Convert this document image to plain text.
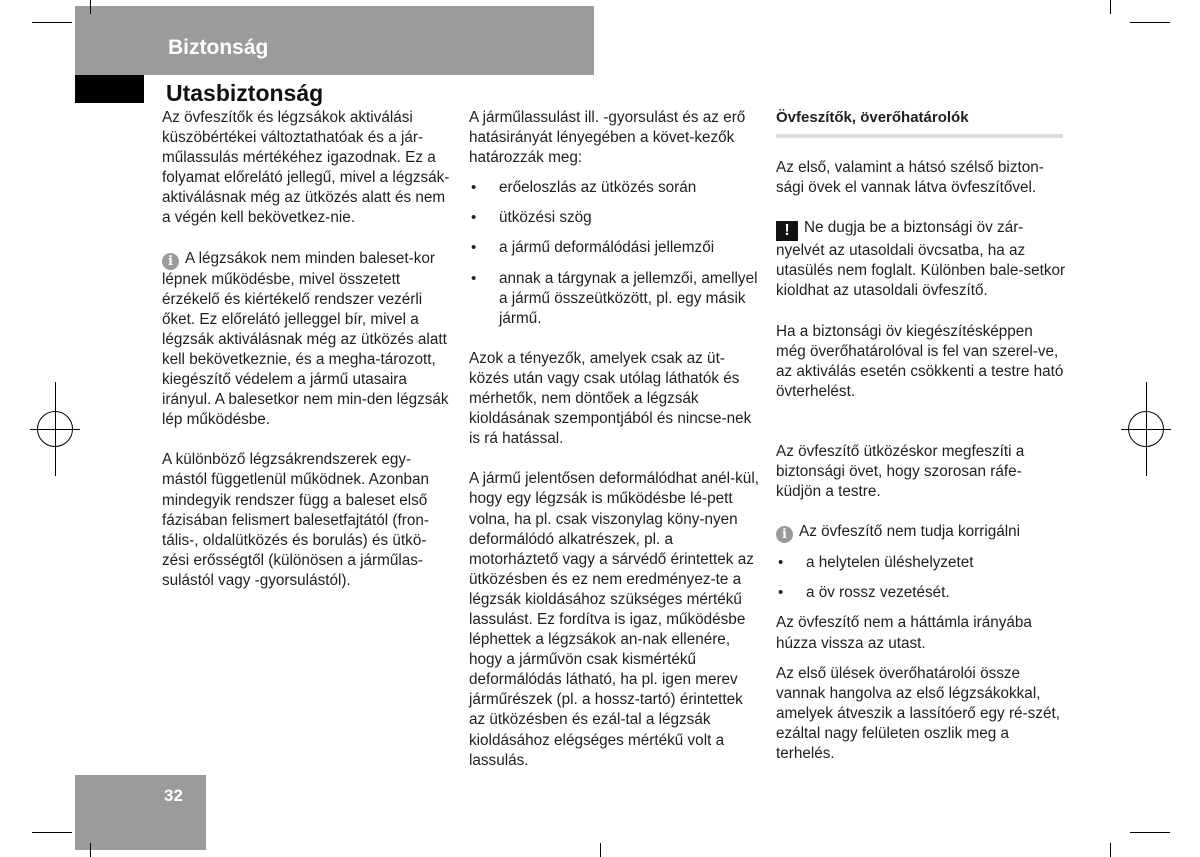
Biztonság
Utasbiztonság

Az övfeszítők és légzsákok aktiválási küszöbértékei változtathatóak és a jár-műlassulás mértékéhez igazodnak. Ez a folyamat előrelátó jellegű, mivel a légzsák-aktiválásnak még az ütközés alatt és nem a végén kell bekövetkez-nie.

i A légzsákok nem minden baleset-kor lépnek működésbe, mivel összetett érzékelő és kiértékelő rendszer vezérli őket. Ez előrelátó jelleggel bír, mivel a légzsák aktiválásnak még az ütközés alatt kell bekövetkeznie, és a megha-tározott, kiegészítő védelem a jármű utasaira irányul. A balesetkor nem min-den légzsák lép működésbe.

A különböző légzsákrendszerek egy-mástól függetlenül működnek. Azonban mindegyik rendszer függ a baleset első fázisában felismert balesetfajtától (fron-tális-, oldalütközés és borulás) és ütkö-zési erősségtől (különösen a járműlas-sulástól vagy -gyorsulástól).

A járműlassulást ill. -gyorsulást és az erő hatásirányát lényegében a követ-kezők határozzák meg:

• erőeloszlás az ütközés során
• ütközési szög
• a jármű deformálódási jellemzői
• annak a tárgynak a jellemzői, amellyel a jármű összeütközött, pl. egy másik jármű.

Azok a tényezők, amelyek csak az üt-közés után vagy csak utólag láthatók és mérhetők, nem döntőek a légzsák kioldásának szempontjából és nincse-nek is rá hatással.

A jármű jelentősen deformálódhat anél-kül, hogy egy légzsák is működésbe lé-pett volna, ha pl. csak viszonylag köny-nyen deformálódó alkatrészek, pl. a motorháztető vagy a sárvédő érintettek az ütközésben és ez nem eredményez-te a légzsák kioldásához szükséges mértékű lassulást. Ez fordítva is igaz, működésbe léphettek a légzsákok an-nak ellenére, hogy a járművön csak kismértékű deformálódás látható, ha pl. igen merev járműrészek (pl. a hossz-tartó) érintettek az ütközésben és ezál-tal a légzsák kioldásához elégséges mértékű volt a lassulás.

Övfeszítők, överőhatárolók

Az első, valamint a hátsó szélső bizton-sági övek el vannak látva övfeszítővel.

! Ne dugja be a biztonsági öv zár-nyelvét az utasoldali övcsatba, ha az utasülés nem foglalt. Különben bale-setkor kioldhat az utasoldali övfeszítő.

Ha a biztonsági öv kiegészítésképpen még överőhatárolóval is fel van szerel-ve, az aktiválás esetén csökkenti a testre ható övterhelést.

Az övfeszítő ütközéskor megfeszíti a biztonsági övet, hogy szorosan ráfe-küdjön a testre.

i Az övfeszítő nem tudja korrigálni

• a helytelen üléshelyzetet
• a öv rossz vezetését.

Az övfeszítő nem a háttámla irányába húzza vissza az utast.

Az első ülések överőhatárolói össze vannak hangolva az első légzsákokkal, amelyek átveszik a lassítóerő egy ré-szét, ezáltal nagy felületen oszlik meg a terhelés.

32
